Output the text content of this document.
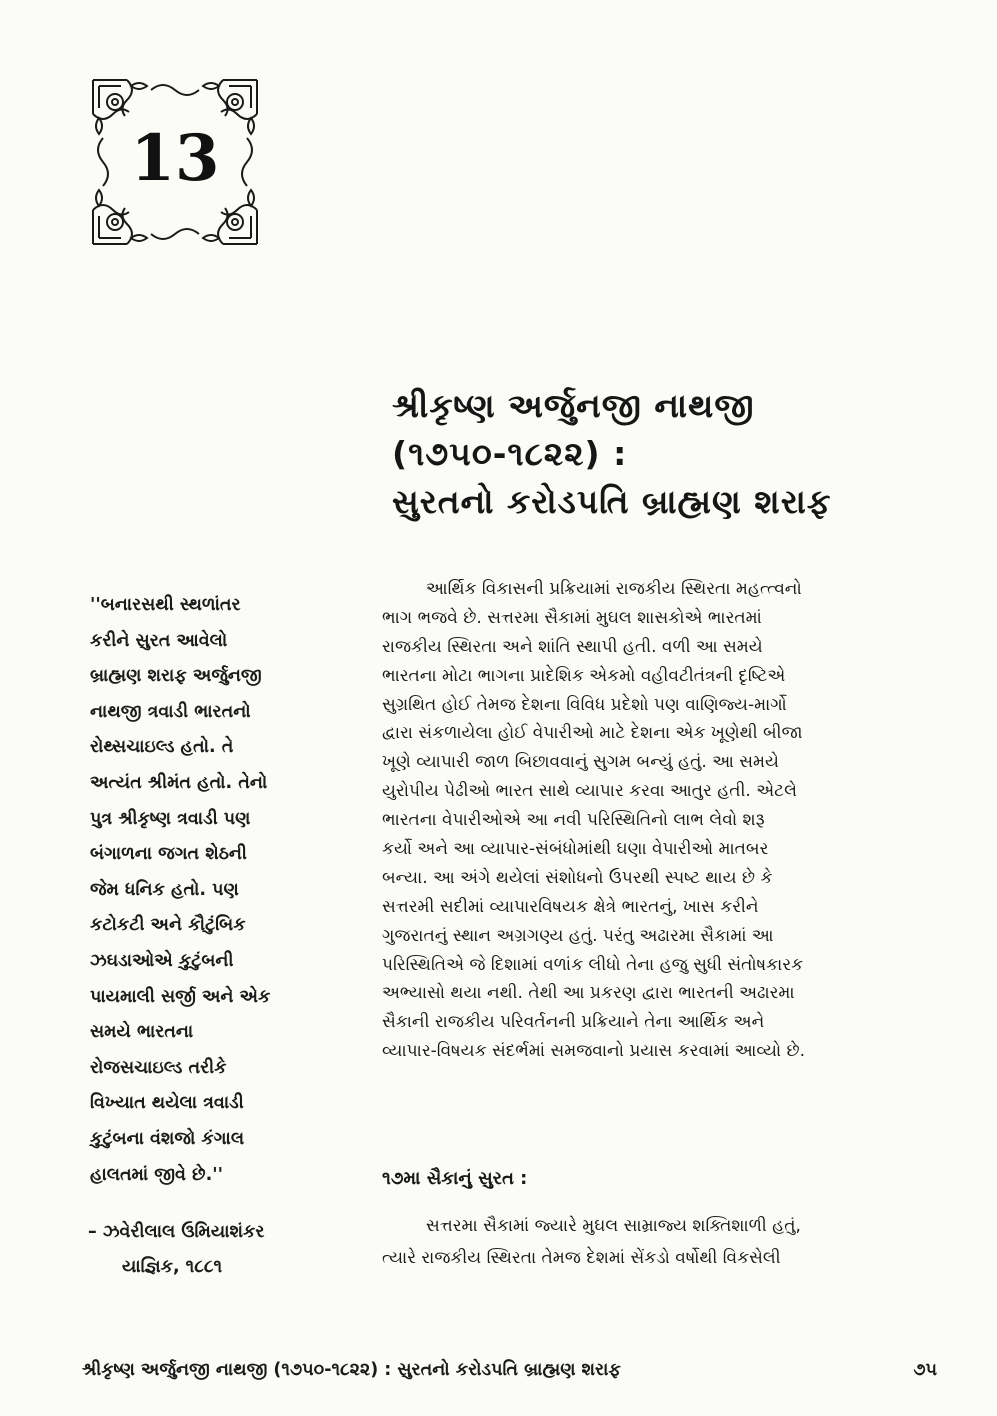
13
શ્રીકૃષ્ણ અર્જુનજી નાથજી
(૧૭૫૦-૧૮૨૨) :
સુરતનો કરોડપતિ બ્રાહ્મણ શરાફ
''બનારસથી સ્થળાંતર
કરીને સુરત આવેલો
બ્રાહ્મણ શરાફ અર્જુનજી
નાથજી ત્રવાડી ભારતનો
રોથ્સચાઇલ્ડ હતો. તે
અત્યંત શ્રીમંત હતો. તેનો
પુત્ર શ્રીકૃષ્ણ ત્રવાડી પણ
બંગાળના જગત શેઠની
જેમ ધનિક હતો. પણ
કટોકટી અને કૌટુંબિક
ઝઘડાઓએ કુટુંબની
પાયમાલી સર્જી અને એક
સમયે ભારતના
રોજસચાઇલ્ડ તરીકે
વિખ્યાત થયેલા ત્રવાડી
કુટુંબના વંશજો કંગાલ
હાલતમાં જીવે છે.''
– ઝવેરીલાલ ઉમિયાશંકર
યાજ્ઞિક, ૧૮૮૧
આર્થિક વિકાસની પ્રક્રિયામાં રાજકીય સ્થિરતા મહત્ત્વનો
ભાગ ભજવે છે. સત્તરમા સૈકામાં મુઘલ શાસકોએ ભારતમાં
રાજકીય સ્થિરતા અને શાંતિ સ્થાપી હતી. વળી આ સમયે
ભારતના મોટા ભાગના પ્રાદેશિક એકમો વહીવટીતંત્રની દૃષ્ટિએ
સુગ્રથિત હોઈ તેમજ દેશના વિવિધ પ્રદેશો પણ વાણિજ્ય-માર્ગો
દ્વારા સંકળાયેલા હોઈ વેપારીઓ માટે દેશના એક ખૂણેથી બીજા
ખૂણે વ્યાપારી જાળ બિછાવવાનું સુગમ બન્યું હતું. આ સમયે
યુરોપીય પેઢીઓ ભારત સાથે વ્યાપાર કરવા આતુર હતી. એટલે
ભારતના વેપારીઓએ આ નવી પરિસ્થિતિનો લાભ લેવો શરૂ
કર્યો અને આ વ્યાપાર-સંબંધોમાંથી ઘણા વેપારીઓ માતબર
બન્યા. આ અંગે થયેલાં સંશોધનો ઉપરથી સ્પષ્ટ થાય છે કે
સત્તરમી સદીમાં વ્યાપારવિષયક ક્ષેત્રે ભારતનું, ખાસ કરીને
ગુજરાતનું સ્થાન અગ્રગણ્ય હતું. પરંતુ અઢારમા સૈકામાં આ
પરિસ્થિતિએ જે દિશામાં વળાંક લીધો તેના હજુ સુધી સંતોષકારક
અભ્યાસો થયા નથી. તેથી આ પ્રકરણ દ્વારા ભારતની અઢારમા
સૈકાની રાજકીય પરિવર્તનની પ્રક્રિયાને તેના આર્થિક અને
વ્યાપાર-વિષયક સંદર્ભમાં સમજવાનો પ્રયાસ કરવામાં આવ્યો છે.
૧૭મા સૈકાનું સુરત :
સત્તરમા સૈકામાં જ્યારે મુઘલ સામ્રાજ્ય શક્તિશાળી હતું,
ત્યારે રાજકીય સ્થિરતા તેમજ દેશમાં સેંકડો વર્ષોથી વિકસેલી
શ્રીકૃષ્ણ અર્જુનજી નાથજી (૧૭૫૦-૧૮૨૨) : સુરતનો કરોડપતિ બ્રાહ્મણ શરાફ	૭૫
